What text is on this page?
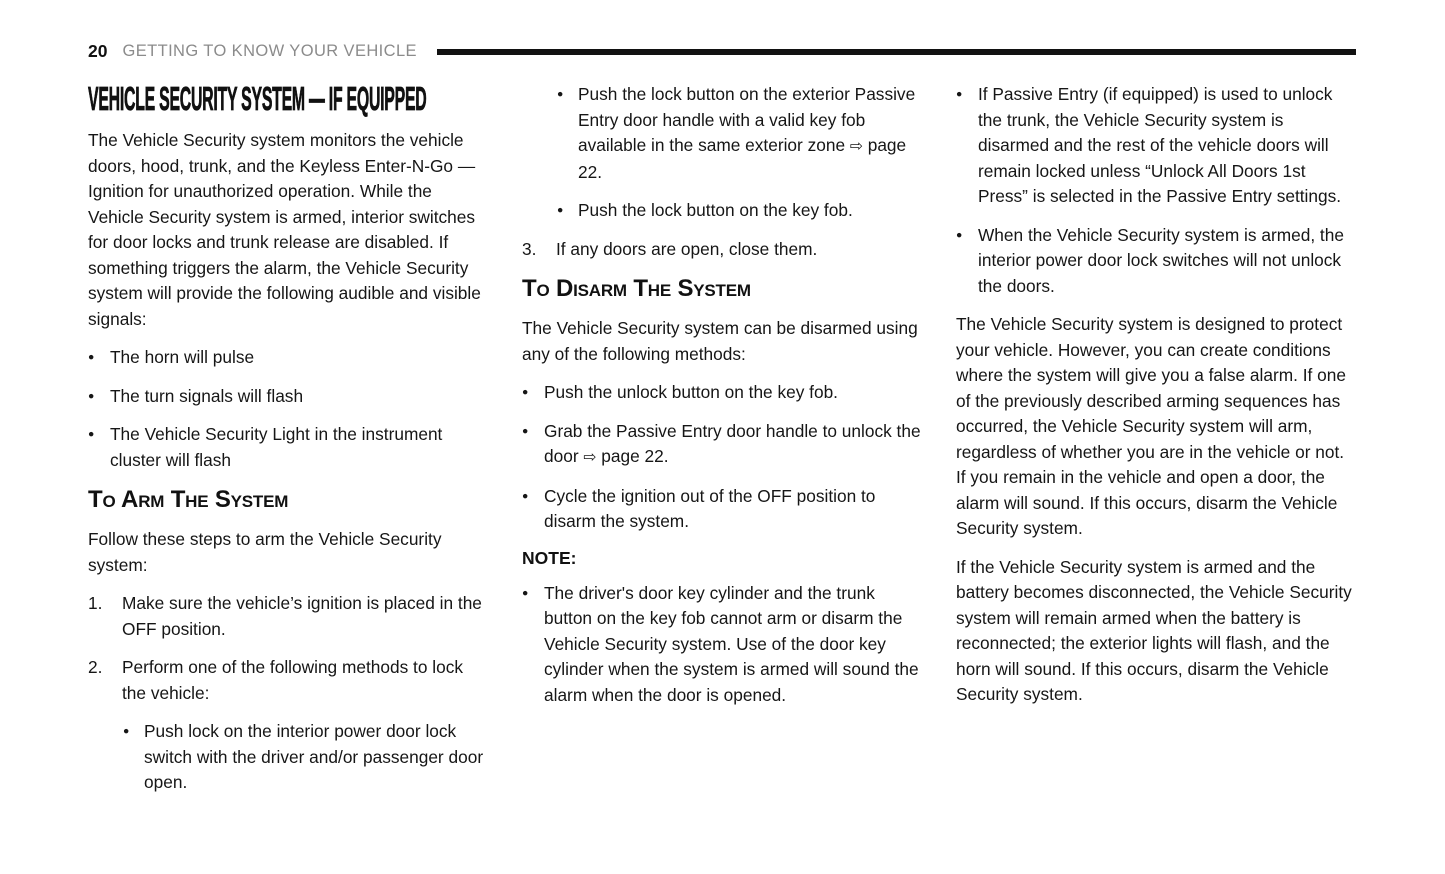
20 GETTING TO KNOW YOUR VEHICLE
VEHICLE SECURITY SYSTEM — IF EQUIPPED

The Vehicle Security system monitors the vehicle doors, hood, trunk, and the Keyless Enter-N-Go — Ignition for unauthorized operation. While the Vehicle Security system is armed, interior switches for door locks and trunk release are disabled. If something triggers the alarm, the Vehicle Security system will provide the following audible and visible signals:

● The horn will pulse
● The turn signals will flash
● The Vehicle Security Light in the instrument cluster will flash
To Arm The System

Follow these steps to arm the Vehicle Security system:

1. Make sure the vehicle’s ignition is placed in the OFF position.
2. Perform one of the following methods to lock the vehicle:
● Push lock on the interior power door lock switch with the driver and/or passenger door open.
● Push the lock button on the exterior Passive Entry door handle with a valid key fob available in the same exterior zone ⇨ page 22.
● Push the lock button on the key fob.
3. If any doors are open, close them.
To Disarm The System

The Vehicle Security system can be disarmed using any of the following methods:

● Push the unlock button on the key fob.
● Grab the Passive Entry door handle to unlock the door ⇨ page 22.
● Cycle the ignition out of the OFF position to disarm the system.

NOTE:

● The driver's door key cylinder and the trunk button on the key fob cannot arm or disarm the Vehicle Security system. Use of the door key cylinder when the system is armed will sound the alarm when the door is opened.
● If Passive Entry (if equipped) is used to unlock the trunk, the Vehicle Security system is disarmed and the rest of the vehicle doors will remain locked unless “Unlock All Doors 1st Press” is selected in the Passive Entry settings.
● When the Vehicle Security system is armed, the interior power door lock switches will not unlock the doors.

The Vehicle Security system is designed to protect your vehicle. However, you can create conditions where the system will give you a false alarm. If one of the previously described arming sequences has occurred, the Vehicle Security system will arm, regardless of whether you are in the vehicle or not. If you remain in the vehicle and open a door, the alarm will sound. If this occurs, disarm the Vehicle Security system.

If the Vehicle Security system is armed and the battery becomes disconnected, the Vehicle Security system will remain armed when the battery is reconnected; the exterior lights will flash, and the horn will sound. If this occurs, disarm the Vehicle Security system.
